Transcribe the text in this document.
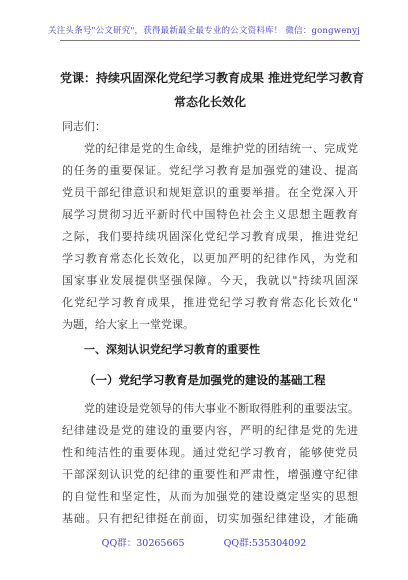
关注头条号"公文研究"，获得最新最全最专业的公文资料库！ 微信：gongwenyj
党课：持续巩固深化党纪学习教育成果 推进党纪学习教育
常态化长效化
同志们：
党的纪律是党的生命线，是维护党的团结统一、完成党
的任务的重要保证。党纪学习教育是加强党的建设、提高
党员干部纪律意识和规矩意识的重要举措。在全党深入开
展学习贯彻习近平新时代中国特色社会主义思想主题教育
之际，我们要持续巩固深化党纪学习教育成果，推进党纪
学习教育常态化长效化，以更加严明的纪律作风，为党和
国家事业发展提供坚强保障。今天，我就以"持续巩固深
化党纪学习教育成果，推进党纪学习教育常态化长效化"
为题，给大家上一堂党课。
一、深刻认识党纪学习教育的重要性
（一）党纪学习教育是加强党的建设的基础工程
党的建设是党领导的伟大事业不断取得胜利的重要法宝。
纪律建设是党的建设的重要内容，严明的纪律是党的先进
性和纯洁性的重要体现。通过党纪学习教育，能够使党员
干部深刻认识党的纪律的重要性和严肃性，增强遵守纪律
的自觉性和坚定性，从而为加强党的建设奠定坚实的思想
基础。只有把纪律挺在前面，切实加强纪律建设，才能确
QQ群：30265665	QQ群:535304092
